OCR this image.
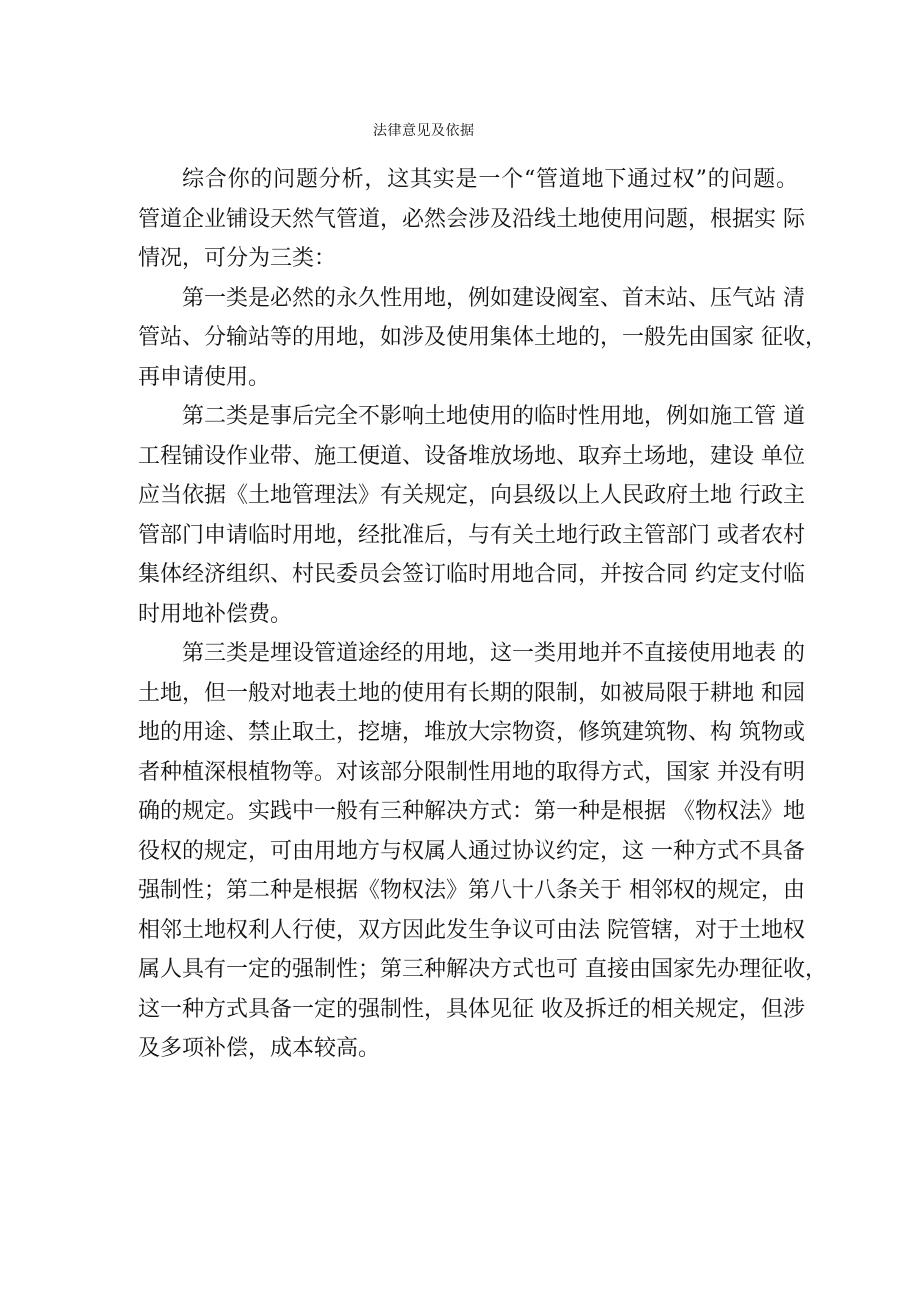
法律意见及依据

综合你的问题分析，这其实是一个“管道地下通过权”的问题。
管道企业铺设天然气管道，必然会涉及沿线土地使用问题，根据实 际
情况，可分为三类：

第一类是必然的永久性用地，例如建设阀室、首末站、压气站 清
管站、分输站等的用地，如涉及使用集体土地的，一般先由国家 征收，
再申请使用。

第二类是事后完全不影响土地使用的临时性用地，例如施工管 道
工程铺设作业带、施工便道、设备堆放场地、取弃土场地，建设 单位
应当依据《土地管理法》有关规定，向县级以上人民政府土地 行政主
管部门申请临时用地，经批准后，与有关土地行政主管部门 或者农村
集体经济组织、村民委员会签订临时用地合同，并按合同 约定支付临
时用地补偿费。

第三类是埋设管道途经的用地，这一类用地并不直接使用地表 的
土地，但一般对地表土地的使用有长期的限制，如被局限于耕地 和园
地的用途、禁止取土，挖塘，堆放大宗物资，修筑建筑物、构 筑物或
者种植深根植物等。对该部分限制性用地的取得方式，国家 并没有明
确的规定。实践中一般有三种解决方式：第一种是根据 《物权法》地
役权的规定，可由用地方与权属人通过协议约定，这 一种方式不具备
强制性；第二种是根据《物权法》第八十八条关于 相邻权的规定，由
相邻土地权利人行使，双方因此发生争议可由法 院管辖，对于土地权
属人具有一定的强制性；第三种解决方式也可 直接由国家先办理征收，
这一种方式具备一定的强制性，具体见征 收及拆迁的相关规定，但涉
及多项补偿，成本较高。
